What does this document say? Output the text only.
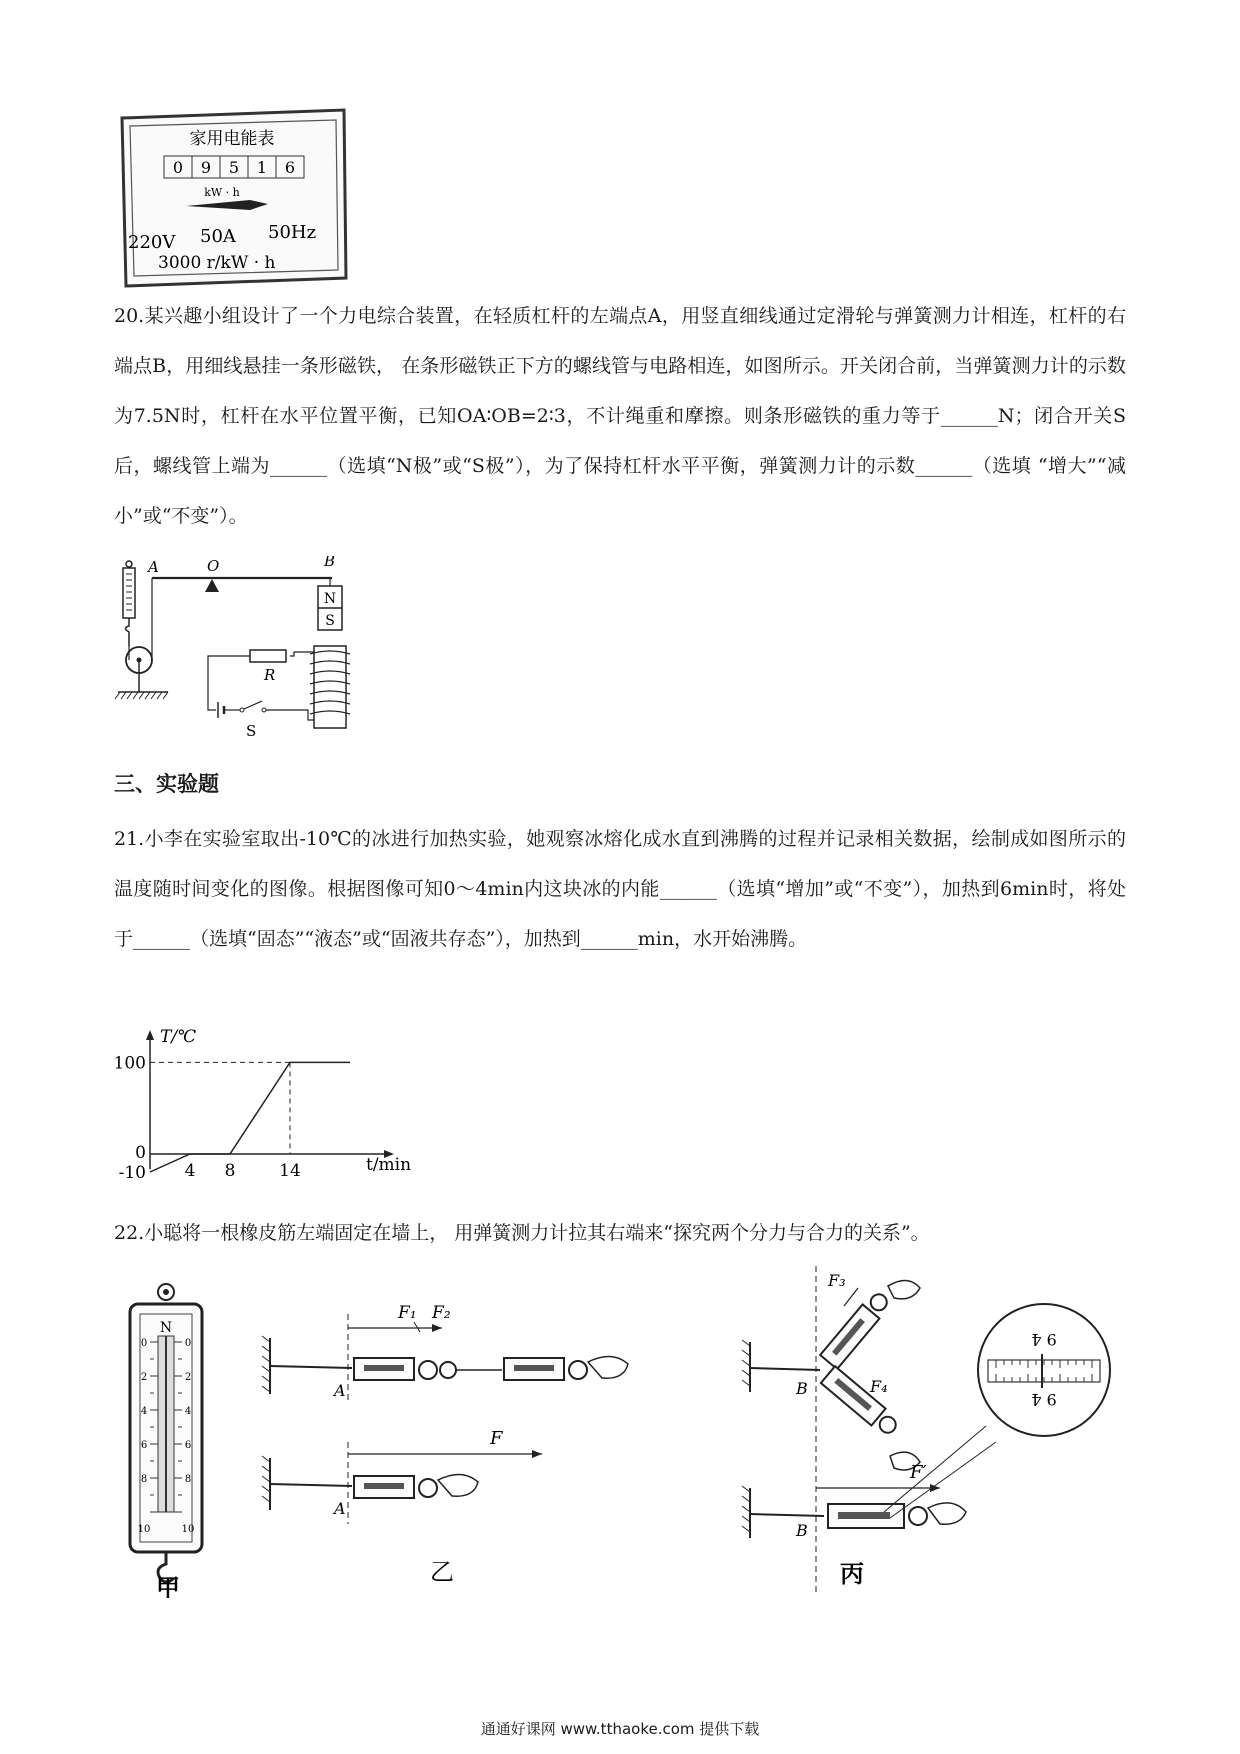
家用电能表
0 9 5 1 6
kW · h
220V 50A 50Hz
3000 r/kW · h
20.某兴趣小组设计了一个力电综合装置，在轻质杠杆的左端点A，用竖直细线通过定滑轮与弹簧测力计相连，杠杆的右端点B，用细线悬挂一条形磁铁， 在条形磁铁正下方的螺线管与电路相连，如图所示。开关闭合前，当弹簧测力计的示数为7.5N时，杠杆在水平位置平衡，已知OA∶OB=2∶3，不计绳重和摩擦。则条形磁铁的重力等于______N；闭合开关S后，螺线管上端为______（选填“N极”或“S极”），为了保持杠杆水平平衡，弹簧测力计的示数______（选填 “增大”“减小”或“不变”）。
A	O	B
N
S
R
S
三、实验题
21.小李在实验室取出-10℃的冰进行加热实验，她观察冰熔化成水直到沸腾的过程并记录相关数据，绘制成如图所示的温度随时间变化的图像。根据图像可知0～4min内这块冰的内能______（选填“增加”或“不变”），加热到6min时，将处于______（选填“固态”“液态”或“固液共存态”），加热到______min，水开始沸腾。
T/℃
t/min
100
0
-10 4 8	14
22.小聪将一根橡皮筋左端固定在墙上， 用弹簧测力计拉其右端来“探究两个分力与合力的关系”。
N
0
2
4
6
8
10
0
2
4
6
8
10
甲
F₁ F₂
A
F
A
乙
B
F₃
F₄
B
F′
9 4
9 4
丙
通通好课网 www.tthaoke.com 提供下载
